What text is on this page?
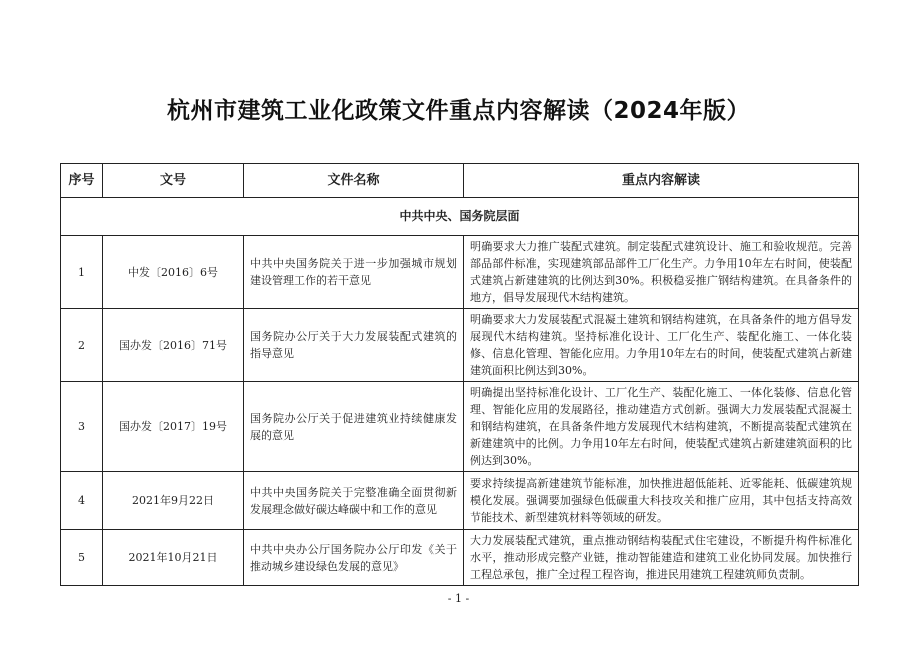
杭州市建筑工业化政策文件重点内容解读（2024年版）
序号	文号	文件名称	重点内容解读
中共中央、国务院层面			
1	中发〔2016〕6号	中共中央国务院关于进一步加强城市规划建设管理工作的若干意见	明确要求大力推广装配式建筑。制定装配式建筑设计、施工和验收规范。完善部品部件标准，实现建筑部品部件工厂化生产。力争用10年左右时间，使装配式建筑占新建建筑的比例达到30%。积极稳妥推广钢结构建筑。在具备条件的地方，倡导发展现代木结构建筑。
2	国办发〔2016〕71号	国务院办公厅关于大力发展装配式建筑的指导意见	明确要求大力发展装配式混凝土建筑和钢结构建筑，在具备条件的地方倡导发展现代木结构建筑。坚持标准化设计、工厂化生产、装配化施工、一体化装修、信息化管理、智能化应用。力争用10年左右的时间，使装配式建筑占新建建筑面积比例达到30%。
3	国办发〔2017〕19号	国务院办公厅关于促进建筑业持续健康发展的意见	明确提出坚持标准化设计、工厂化生产、装配化施工、一体化装修、信息化管理、智能化应用的发展路径，推动建造方式创新。强调大力发展装配式混凝土和钢结构建筑，在具备条件地方发展现代木结构建筑，不断提高装配式建筑在新建建筑中的比例。力争用10年左右时间，使装配式建筑占新建建筑面积的比例达到30%。
4	2021年9月22日	中共中央国务院关于完整准确全面贯彻新发展理念做好碳达峰碳中和工作的意见	要求持续提高新建建筑节能标准，加快推进超低能耗、近零能耗、低碳建筑规模化发展。强调要加强绿色低碳重大科技攻关和推广应用，其中包括支持高效节能技术、新型建筑材料等领域的研发。
5	2021年10月21日	中共中央办公厅国务院办公厅印发《关于推动城乡建设绿色发展的意见》	大力发展装配式建筑，重点推动钢结构装配式住宅建设，不断提升构件标准化水平，推动形成完整产业链，推动智能建造和建筑工业化协同发展。加快推行工程总承包，推广全过程工程咨询，推进民用建筑工程建筑师负责制。
- 1 -
